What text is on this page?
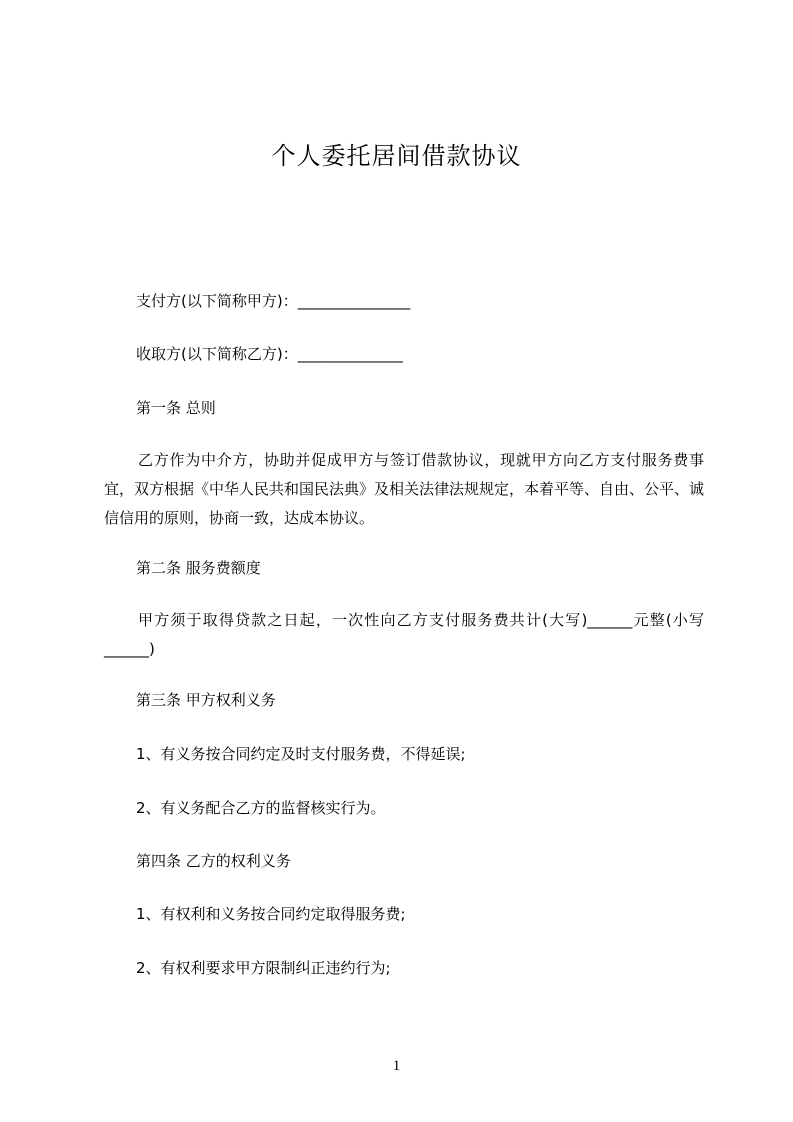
个人委托居间借款协议
支付方(以下简称甲方)：_______________
收取方(以下简称乙方)：______________
第一条 总则
乙方作为中介方，协助并促成甲方与签订借款协议，现就甲方向乙方支付服务费事宜，双方根据《中华人民共和国民法典》及相关法律法规规定，本着平等、自由、公平、诚信信用的原则，协商一致，达成本协议。
第二条 服务费额度
甲方须于取得贷款之日起，一次性向乙方支付服务费共计(大写)______元整(小写______)
第三条 甲方权利义务
1、有义务按合同约定及时支付服务费，不得延误;
2、有义务配合乙方的监督核实行为。
第四条 乙方的权利义务
1、有权利和义务按合同约定取得服务费;
2、有权利要求甲方限制纠正违约行为;
1
